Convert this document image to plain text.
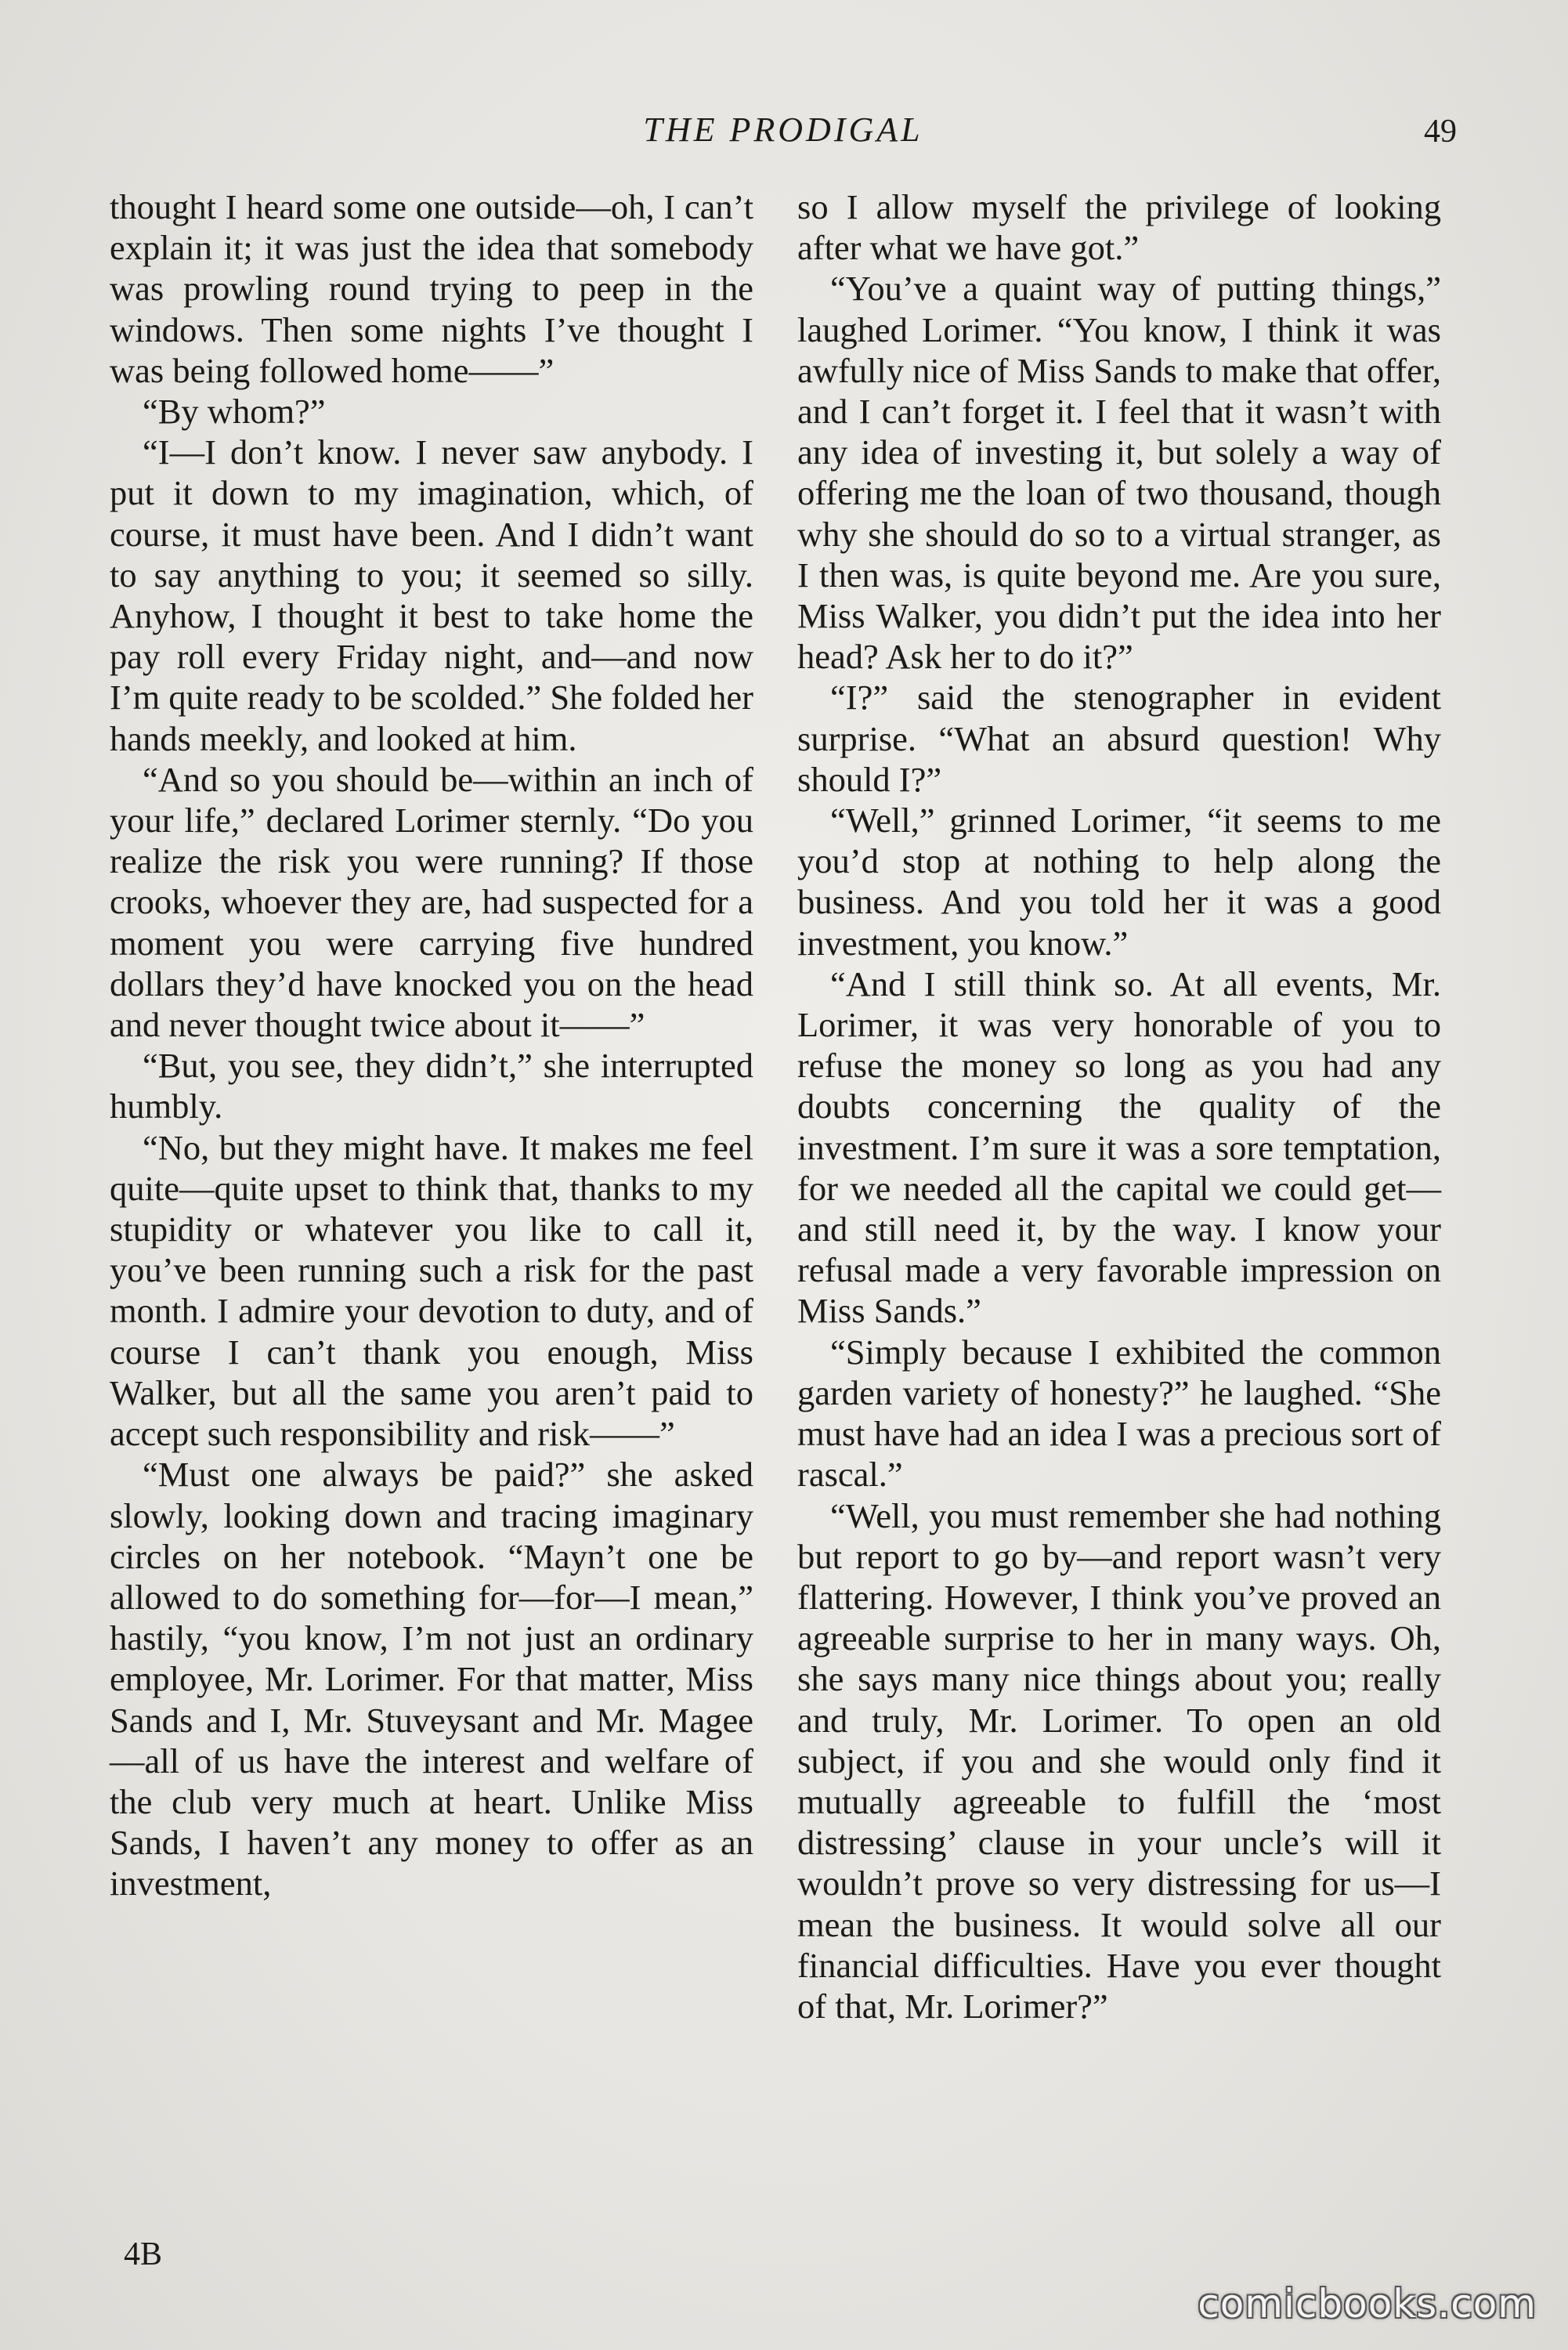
THE PRODIGAL	49

thought I heard some one outside—oh, I can’t explain it; it was just the idea that somebody was prowling round trying to peep in the windows. Then some nights I’ve thought I was being followed home——”

“By whom?”

“I—I don’t know. I never saw anybody. I put it down to my imagination, which, of course, it must have been. And I didn’t want to say anything to you; it seemed so silly. Anyhow, I thought it best to take home the pay roll every Friday night, and—and now I’m quite ready to be scolded.” She folded her hands meekly, and looked at him.

“And so you should be—within an inch of your life,” declared Lorimer sternly. “Do you realize the risk you were running? If those crooks, whoever they are, had suspected for a moment you were carrying five hundred dollars they’d have knocked you on the head and never thought twice about it——”

“But, you see, they didn’t,” she interrupted humbly.

“No, but they might have. It makes me feel quite—quite upset to think that, thanks to my stupidity or whatever you like to call it, you’ve been running such a risk for the past month. I admire your devotion to duty, and of course I can’t thank you enough, Miss Walker, but all the same you aren’t paid to accept such responsibility and risk——”

“Must one always be paid?” she asked slowly, looking down and tracing imaginary circles on her notebook. “Mayn’t one be allowed to do something for—for—I mean,” hastily, “you know, I’m not just an ordinary employee, Mr. Lorimer. For that matter, Miss Sands and I, Mr. Stuveysant and Mr. Magee—all of us have the interest and welfare of the club very much at heart. Unlike Miss Sands, I haven’t any money to offer as an investment,

so I allow myself the privilege of looking after what we have got.”

“You’ve a quaint way of putting things,” laughed Lorimer. “You know, I think it was awfully nice of Miss Sands to make that offer, and I can’t forget it. I feel that it wasn’t with any idea of investing it, but solely a way of offering me the loan of two thousand, though why she should do so to a virtual stranger, as I then was, is quite beyond me. Are you sure, Miss Walker, you didn’t put the idea into her head? Ask her to do it?”

“I?” said the stenographer in evident surprise. “What an absurd question! Why should I?”

“Well,” grinned Lorimer, “it seems to me you’d stop at nothing to help along the business. And you told her it was a good investment, you know.”

“And I still think so. At all events, Mr. Lorimer, it was very honorable of you to refuse the money so long as you had any doubts concerning the quality of the investment. I’m sure it was a sore temptation, for we needed all the capital we could get—and still need it, by the way. I know your refusal made a very favorable impression on Miss Sands.”

“Simply because I exhibited the common garden variety of honesty?” he laughed. “She must have had an idea I was a precious sort of rascal.”

“Well, you must remember she had nothing but report to go by—and report wasn’t very flattering. However, I think you’ve proved an agreeable surprise to her in many ways. Oh, she says many nice things about you; really and truly, Mr. Lorimer. To open an old subject, if you and she would only find it mutually agreeable to fulfill the ‘most distressing’ clause in your uncle’s will it wouldn’t prove so very distressing for us—I mean the business. It would solve all our financial difficulties. Have you ever thought of that, Mr. Lorimer?”

4B
comicbooks.com
